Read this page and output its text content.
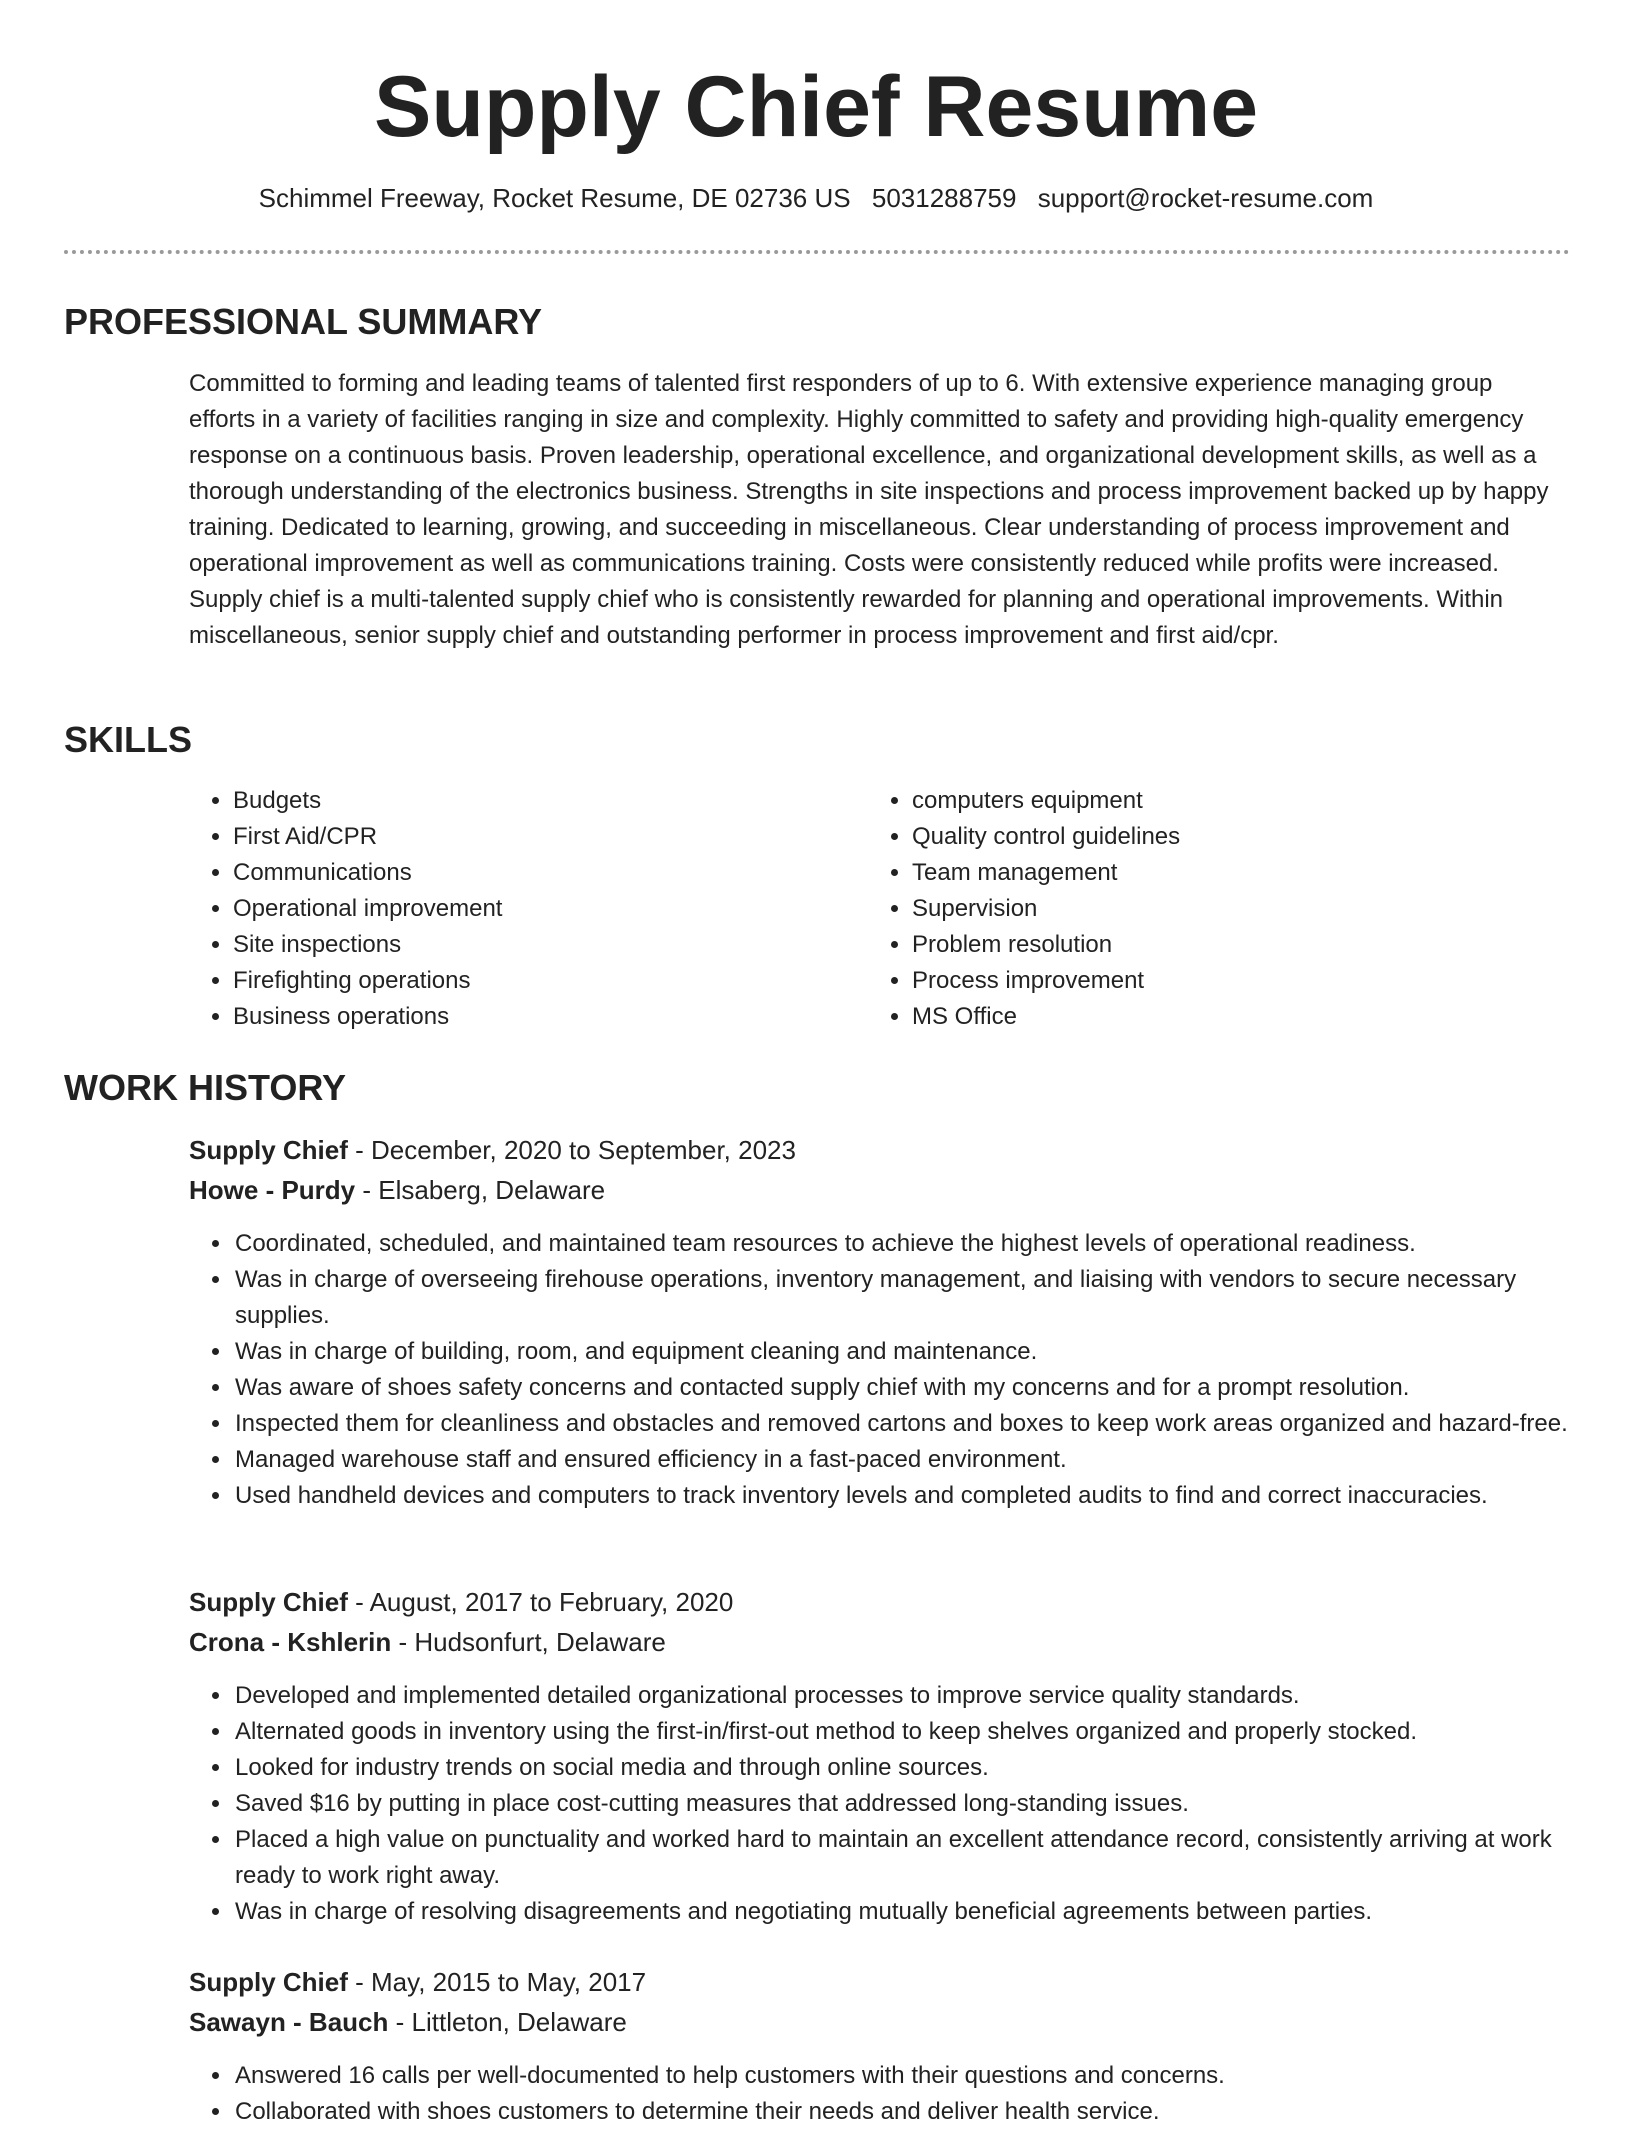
Supply Chief Resume
Schimmel Freeway, Rocket Resume, DE 02736 US 5031288759 support@rocket-resume.com
PROFESSIONAL SUMMARY

Committed to forming and leading teams of talented first responders of up to 6. With extensive experience managing group efforts in a variety of facilities ranging in size and complexity. Highly committed to safety and providing high-quality emergency response on a continuous basis. Proven leadership, operational excellence, and organizational development skills, as well as a thorough understanding of the electronics business. Strengths in site inspections and process improvement backed up by happy training. Dedicated to learning, growing, and succeeding in miscellaneous. Clear understanding of process improvement and operational improvement as well as communications training. Costs were consistently reduced while profits were increased. Supply chief is a multi-talented supply chief who is consistently rewarded for planning and operational improvements. Within miscellaneous, senior supply chief and outstanding performer in process improvement and first aid/cpr.

SKILLS
• Budgets
• First Aid/CPR
• Communications
• Operational improvement
• Site inspections
• Firefighting operations
• Business operations
• computers equipment
• Quality control guidelines
• Team management
• Supervision
• Problem resolution
• Process improvement
• MS Office
WORK HISTORY
Supply Chief - December, 2020 to September, 2023
Howe - Purdy - Elsaberg, Delaware
• Coordinated, scheduled, and maintained team resources to achieve the highest levels of operational readiness.
• Was in charge of overseeing firehouse operations, inventory management, and liaising with vendors to secure necessary supplies.
• Was in charge of building, room, and equipment cleaning and maintenance.
• Was aware of shoes safety concerns and contacted supply chief with my concerns and for a prompt resolution.
• Inspected them for cleanliness and obstacles and removed cartons and boxes to keep work areas organized and hazard-free.
• Managed warehouse staff and ensured efficiency in a fast-paced environment.
• Used handheld devices and computers to track inventory levels and completed audits to find and correct inaccuracies.
Supply Chief - August, 2017 to February, 2020
Crona - Kshlerin - Hudsonfurt, Delaware
• Developed and implemented detailed organizational processes to improve service quality standards.
• Alternated goods in inventory using the first-in/first-out method to keep shelves organized and properly stocked.
• Looked for industry trends on social media and through online sources.
• Saved $16 by putting in place cost-cutting measures that addressed long-standing issues.
• Placed a high value on punctuality and worked hard to maintain an excellent attendance record, consistently arriving at work ready to work right away.
• Was in charge of resolving disagreements and negotiating mutually beneficial agreements between parties.
Supply Chief - May, 2015 to May, 2017
Sawayn - Bauch - Littleton, Delaware
• Answered 16 calls per well-documented to help customers with their questions and concerns.
• Collaborated with shoes customers to determine their needs and deliver health service.
